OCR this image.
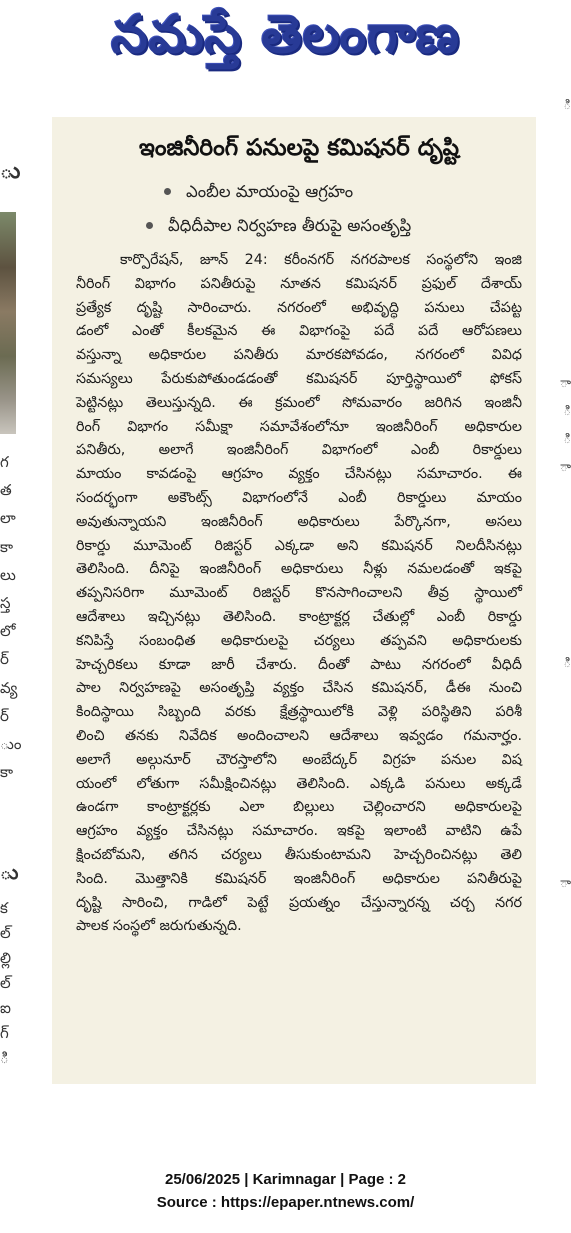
నమస్తే తెలంగాణ
ు
గ
త
లా
కా
లు
స్త
లో
ర్
వ్య
ర్
ుం
కా
ు
క
ల్
ల్లి
ల్
ఐ
గ్
ి
ి
ా
ి
ి
ా
ి
ా
ఇంజినీరింగ్ పనులపై కమిషనర్ దృష్టి
ఎంబీల మాయంపై ఆగ్రహం
వీధిదీపాల నిర్వహణ తీరుపై అసంతృప్తి
కార్పొరేషన్, జూన్ 24: కరీంనగర్ నగరపాలక సంస్థలోని ఇంజి
నీరింగ్ విభాగం పనితీరుపై నూతన కమిషనర్ ప్రఫుల్ దేశాయ్
ప్రత్యేక దృష్టి సారించారు. నగరంలో అభివృద్ధి పనులు చేపట్ట
డంలో ఎంతో కీలకమైన ఈ విభాగంపై పదే పదే ఆరోపణలు
వస్తున్నా అధికారుల పనితీరు మారకపోవడం, నగరంలో వివిధ
సమస్యలు పేరుకుపోతుండడంతో కమిషనర్ పూర్తిస్థాయిలో ఫోకస్
పెట్టినట్లు తెలుస్తున్నది. ఈ క్రమంలో సోమవారం జరిగిన ఇంజినీ
రింగ్ విభాగం సమీక్షా సమావేశంలోనూ ఇంజినీరింగ్ అధికారుల
పనితీరు, అలాగే ఇంజినీరింగ్ విభాగంలో ఎంబీ రికార్డులు
మాయం కావడంపై ఆగ్రహం వ్యక్తం చేసినట్లు సమాచారం. ఈ
సందర్భంగా అకౌంట్స్ విభాగంలోనే ఎంబీ రికార్డులు మాయం
అవుతున్నాయని ఇంజినీరింగ్ అధికారులు పేర్కొనగా, అసలు
రికార్డు మూమెంట్ రిజిస్టర్ ఎక్కడా అని కమిషనర్ నిలదీసినట్లు
తెలిసింది. దీనిపై ఇంజినీరింగ్ అధికారులు నీళ్లు నమలడంతో ఇకపై
తప్పనిసరిగా మూమెంట్ రిజిస్టర్ కొనసాగించాలని తీవ్ర స్థాయిలో
ఆదేశాలు ఇచ్చినట్లు తెలిసింది. కాంట్రాక్టర్ల చేతుల్లో ఎంబీ రికార్డు
కనిపిస్తే సంబంధిత అధికారులపై చర్యలు తప్పవని అధికారులకు
హెచ్చరికలు కూడా జారీ చేశారు. దీంతో పాటు నగరంలో వీధిదీ
పాల నిర్వహణపై అసంతృప్తి వ్యక్తం చేసిన కమిషనర్, డీఈ నుంచి
కిందిస్థాయి సిబ్బంది వరకు క్షేత్రస్థాయిలోకి వెళ్లి పరిస్థితిని పరిశీ
లించి తనకు నివేదిక అందించాలని ఆదేశాలు ఇవ్వడం గమనార్హం.
అలాగే అల్గునూర్ చౌరస్తాలోని అంబేద్కర్ విగ్రహ పనుల విష
యంలో లోతుగా సమీక్షించినట్లు తెలిసింది. ఎక్కడి పనులు అక్కడే
ఉండగా కాంట్రాక్టర్లకు ఎలా బిల్లులు చెల్లించారని అధికారులపై
ఆగ్రహం వ్యక్తం చేసినట్లు సమాచారం. ఇకపై ఇలాంటి వాటిని ఉపే
క్షించబోమని, తగిన చర్యలు తీసుకుంటామని హెచ్చరించినట్లు తెలి
సింది. మొత్తానికి కమిషనర్ ఇంజినీరింగ్ అధికారుల పనితీరుపై
దృష్టి సారించి, గాడిలో పెట్టే ప్రయత్నం చేస్తున్నారన్న చర్చ నగర
పాలక సంస్థలో జరుగుతున్నది.
25/06/2025 | Karimnagar | Page : 2
Source : https://epaper.ntnews.com/
